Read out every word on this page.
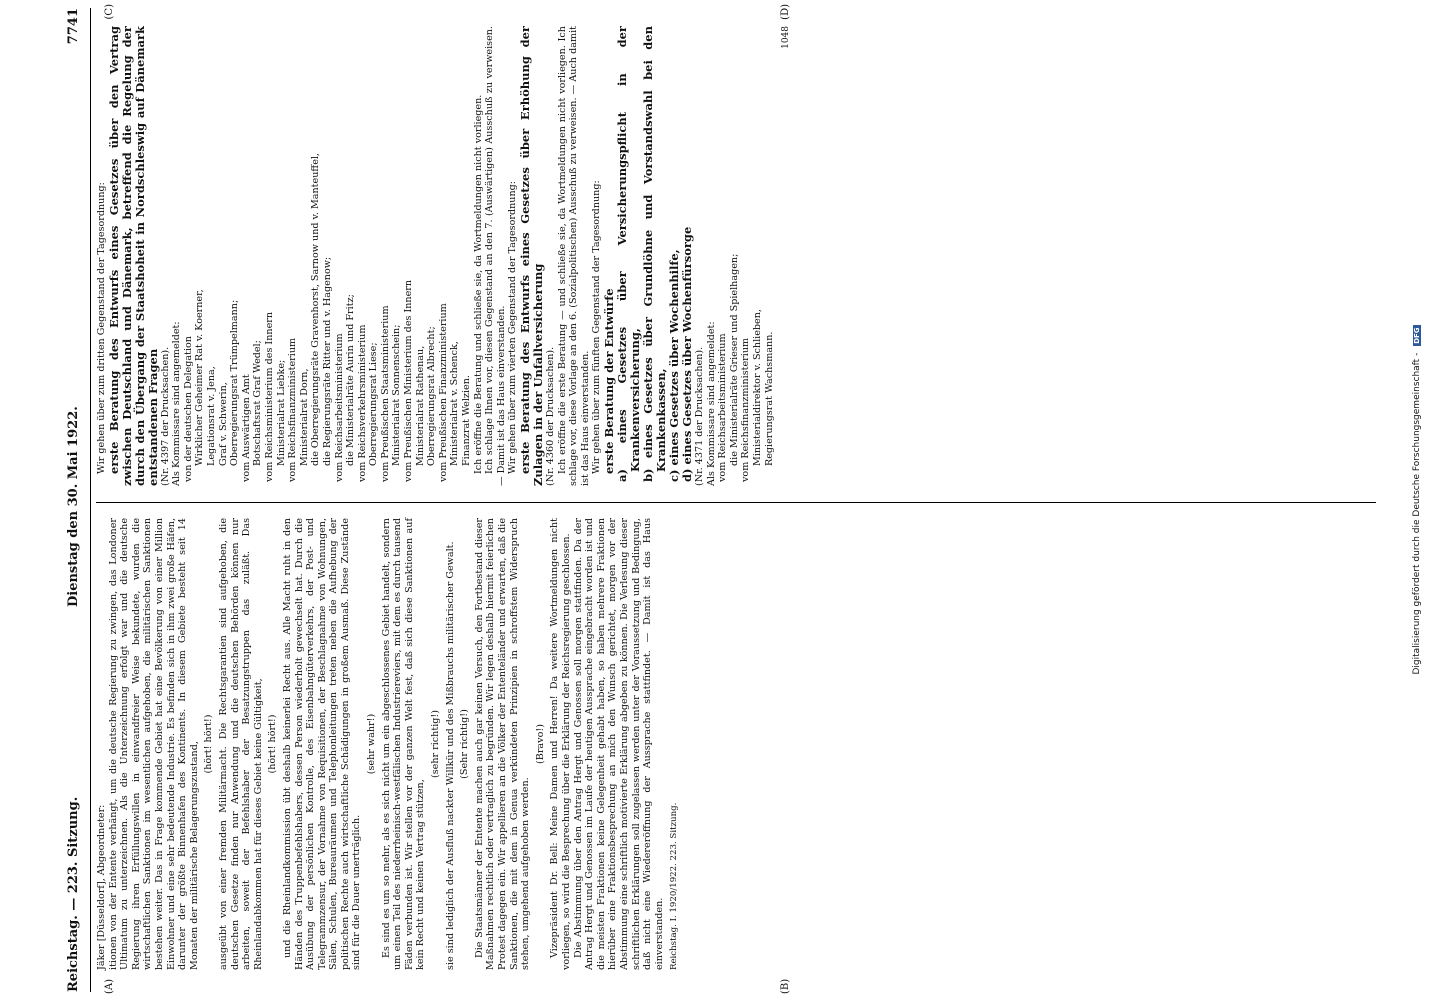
Reichstag. — 223. Sitzung.
Dienstag den 30. Mai 1922.
7741
(A)	(B)
(C)	(D)

Jäker [Düsseldorf], Abgeordneter: itionen von der Entente verhängt, um die deutsche Regierung zu zwingen, das Londoner Ultimatum zu unterzeichnen. Als die Unterzeichnung erfolgt war und die deutsche Regierung ihren Erfüllungswillen in einwandfreier Weise bekundete, wurden die wirtschaftlichen Sanktionen im wesentlichen aufgehoben, die militärischen Sanktionen bestehen weiter. Das in Frage kommende Gebiet hat eine Bevölkerung von einer Million Einwohner und eine sehr bedeutende Industrie. Es befinden sich in ihm zwei große Häfen, darunter der größte Binnenhafen des Kontinents. In diesem Gebiete besteht seit 14 Monaten der militärische Belagerungszustand, (hört! hört!) ausgeübt von einer fremden Militärmacht. Die Rechtsgarantien sind aufgehoben, die deutschen Gesetze finden nur Anwendung und die deutschen Behörden können nur arbeiten, soweit der Befehlshaber der Besatzungstruppen das zuläßt. Das Rheinlandabkommen hat für dieses Gebiet keine Gültigkeit, (hört! hört!) und die Rheinlandkommission übt deshalb keinerlei Recht aus. Alle Macht ruht in den Händen des Truppenbefehlshabers, dessen Person wiederholt gewechselt hat. Durch die Ausübung der persönlichen Kontrolle, des Eisenbahngüterverkehrs, der Post- und Telegrammzensur, der Vornahme von Requisitionen, der Beschlagnahme von Wohnungen, Sälen, Schulen, Bureauräumen und Telephonleitungen treten neben die Aufhebung der politischen Rechte auch wirtschaftliche Schädigungen in großem Ausmaß. Diese Zustände sind für die Dauer unerträglich.

(sehr wahr!) Es sind es um so mehr, als es sich nicht um ein abgeschlossenes Gebiet handelt, sondern um einen Teil des niederrheinisch-westfälischen Industriereviers, mit dem es durch tausend Fäden verbunden ist. Wir stellen vor der ganzen Welt fest, daß sich diese Sanktionen auf kein Recht und keinen Vertrag stützen,

(sehr richtig!) sie sind lediglich der Ausfluß nackter Willkür und des Mißbrauchs militärischer Gewalt. (Sehr richtig!) Die Staatsmänner der Entente machen auch gar keinen Versuch, den Fortbestand dieser Maßnahmen rechtlich oder vertraglich zu begründen. Wir legen deshalb hiermit feierlichen Protest dagegen ein. Wir appellieren an die Völker der Ententeländer und erwarten, daß die Sanktionen, die mit dem in Genua verkündeten Prinzipien in schroffstem Widerspruch stehen, umgehend aufgehoben werden.

(Bravo!) Vizepräsident Dr. Bell: Meine Damen und Herren! Da weitere Wortmeldungen nicht vorliegen, so wird die Besprechung über die Erklärung der Reichsregierung geschlossen. Die Abstimmung über den Antrag Hergt und Genossen soll morgen stattfinden. Da der Antrag Hergt und Genossen im Laufe der heutigen Aussprache eingebracht worden ist und die meisten Fraktionen keine Gelegenheit gehabt haben, so haben mehrere Fraktionen hierüber eine Fraktionsbesprechung an mich den Wunsch gerichtet, morgen vor der Abstimmung eine schriftlich motivierte Erklärung abgeben zu können. Die Verlesung dieser schriftlichen Erklärungen soll zugelassen werden unter der Voraussetzung und Bedingung, daß nicht eine Wiedereröffnung der Aussprache stattfindet. — Damit ist das Haus einverstanden. Reichstag. I. 1920/1922. 223. Sitzung.

Wir gehen über zum dritten Gegenstand der Tagesordnung: erste Beratung des Entwurfs eines Gesetzes über den Vertrag zwischen Deutschland und Dänemark, betreffend die Regelung der durch den Übergang der Staatshoheit in Nordschleswig auf Dänemark entstandenen Fragen (Nr. 4397 der Drucksachen). Als Kommissare sind angemeldet: von der deutschen Delegation Wirklicher Geheimer Rat v. Koerner, Legationsrat v. Jena, Graf v. Schwerin, Oberregierungsrat Trümpelmann; vom Auswärtigen Amt Botschaftsrat Graf Wedel; vom Reichsministerium des Innern Ministerialrat Liebke; vom Reichsfinanzministerium Ministerialrat Dorn, die Oberregierungsräte Gravenhorst, Sarnow und v. Manteuffel, die Regierungsräte Ritter und v. Hagenow; vom Reichsarbeitsministerium die Ministerialräte Aurin und Fritz; vom Reichsverkehrsministerium Oberregierungsrat Liese; vom Preußischen Staatsministerium Ministerialrat Sonnenschein; vom Preußischen Ministerium des Innern Ministerialrat Rathenau, Oberregierungsrat Albrecht; vom Preußischen Finanzministerium Ministerialrat v. Schenck, Finanzrat Welzien. Ich eröffne die Beratung und schließe sie, da Wortmeldungen nicht vorliegen. Ich schlage Ihnen vor, diesen Gegenstand an den 7. (Auswärtigen) Ausschuß zu verweisen. — Damit ist das Haus einverstanden. Wir gehen über zum vierten Gegenstand der Tagesordnung: erste Beratung des Entwurfs eines Gesetzes über Erhöhung der Zulagen in der Unfallversicherung (Nr. 4360 der Drucksachen). Ich eröffne die erste Beratung — und schließe sie, da Wortmeldungen nicht vorliegen. Ich schlage vor, diese Vorlage an den 6. (Sozialpolitischen) Ausschuß zu verweisen. — Auch damit ist das Haus einverstanden. Wir gehen über zum fünften Gegenstand der Tagesordnung: erste Beratung der Entwürfe a) eines Gesetzes über Versicherungspflicht in der Krankenversicherung, b) eines Gesetzes über Grundlöhne und Vorstandswahl bei den Krankenkassen, c) eines Gesetzes über Wochenhilfe, d) eines Gesetzes über Wochenfürsorge (Nr. 4371 der Drucksachen). Als Kommissare sind angemeldet: vom Reichsarbeitsministerium die Ministerialräte Grieser und Spielhagen; vom Reichsfinanzministerium Ministerialdirektor v. Schlieben, Regierungsrat Wachsmann.

1048
Digitalisierung gefördert durch die Deutsche Forschungsgemeinschaft - DFG
